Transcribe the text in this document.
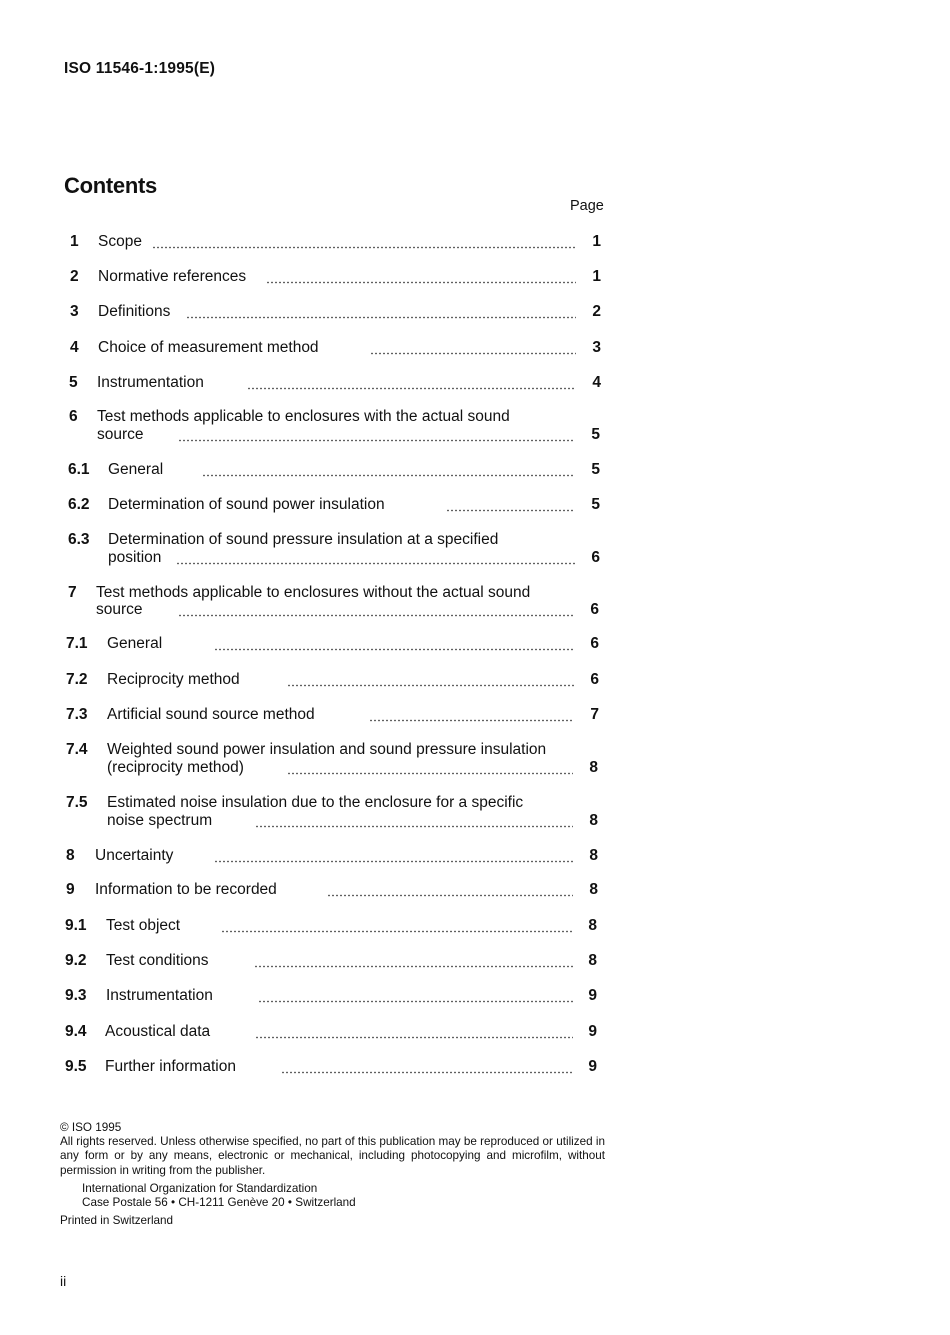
ISO 11546-1:1995(E)
Contents
Page
1 Scope	1
2 Normative references	1
3 Definitions	2
4 Choice of measurement method	3
5 Instrumentation	4
6 Test methods applicable to enclosures with the actual sound
source	5
6.1 General	5
6.2 Determination of sound power insulation	5
6.3 Determination of sound pressure insulation at a specified
position	6
7 Test methods applicable to enclosures without the actual sound
source	6
7.1 General	6
7.2 Reciprocity method	6
7.3 Artificial sound source method	7
7.4 Weighted sound power insulation and sound pressure insulation
(reciprocity method)	8
7.5 Estimated noise insulation due to the enclosure for a specific
noise spectrum	8
8 Uncertainty	8
9 Information to be recorded	8
9.1 Test object	8
9.2 Test conditions	8
9.3 Instrumentation	9
9.4 Acoustical data	9
9.5 Further information	9
© ISO 1995
All rights reserved. Unless otherwise specified, no part of this publication may be reproduced or utilized in any form or by any means, electronic or mechanical, including photocopying and microfilm, without permission in writing from the publisher.
International Organization for Standardization
Case Postale 56 • CH-1211 Genève 20 • Switzerland
Printed in Switzerland
ii
